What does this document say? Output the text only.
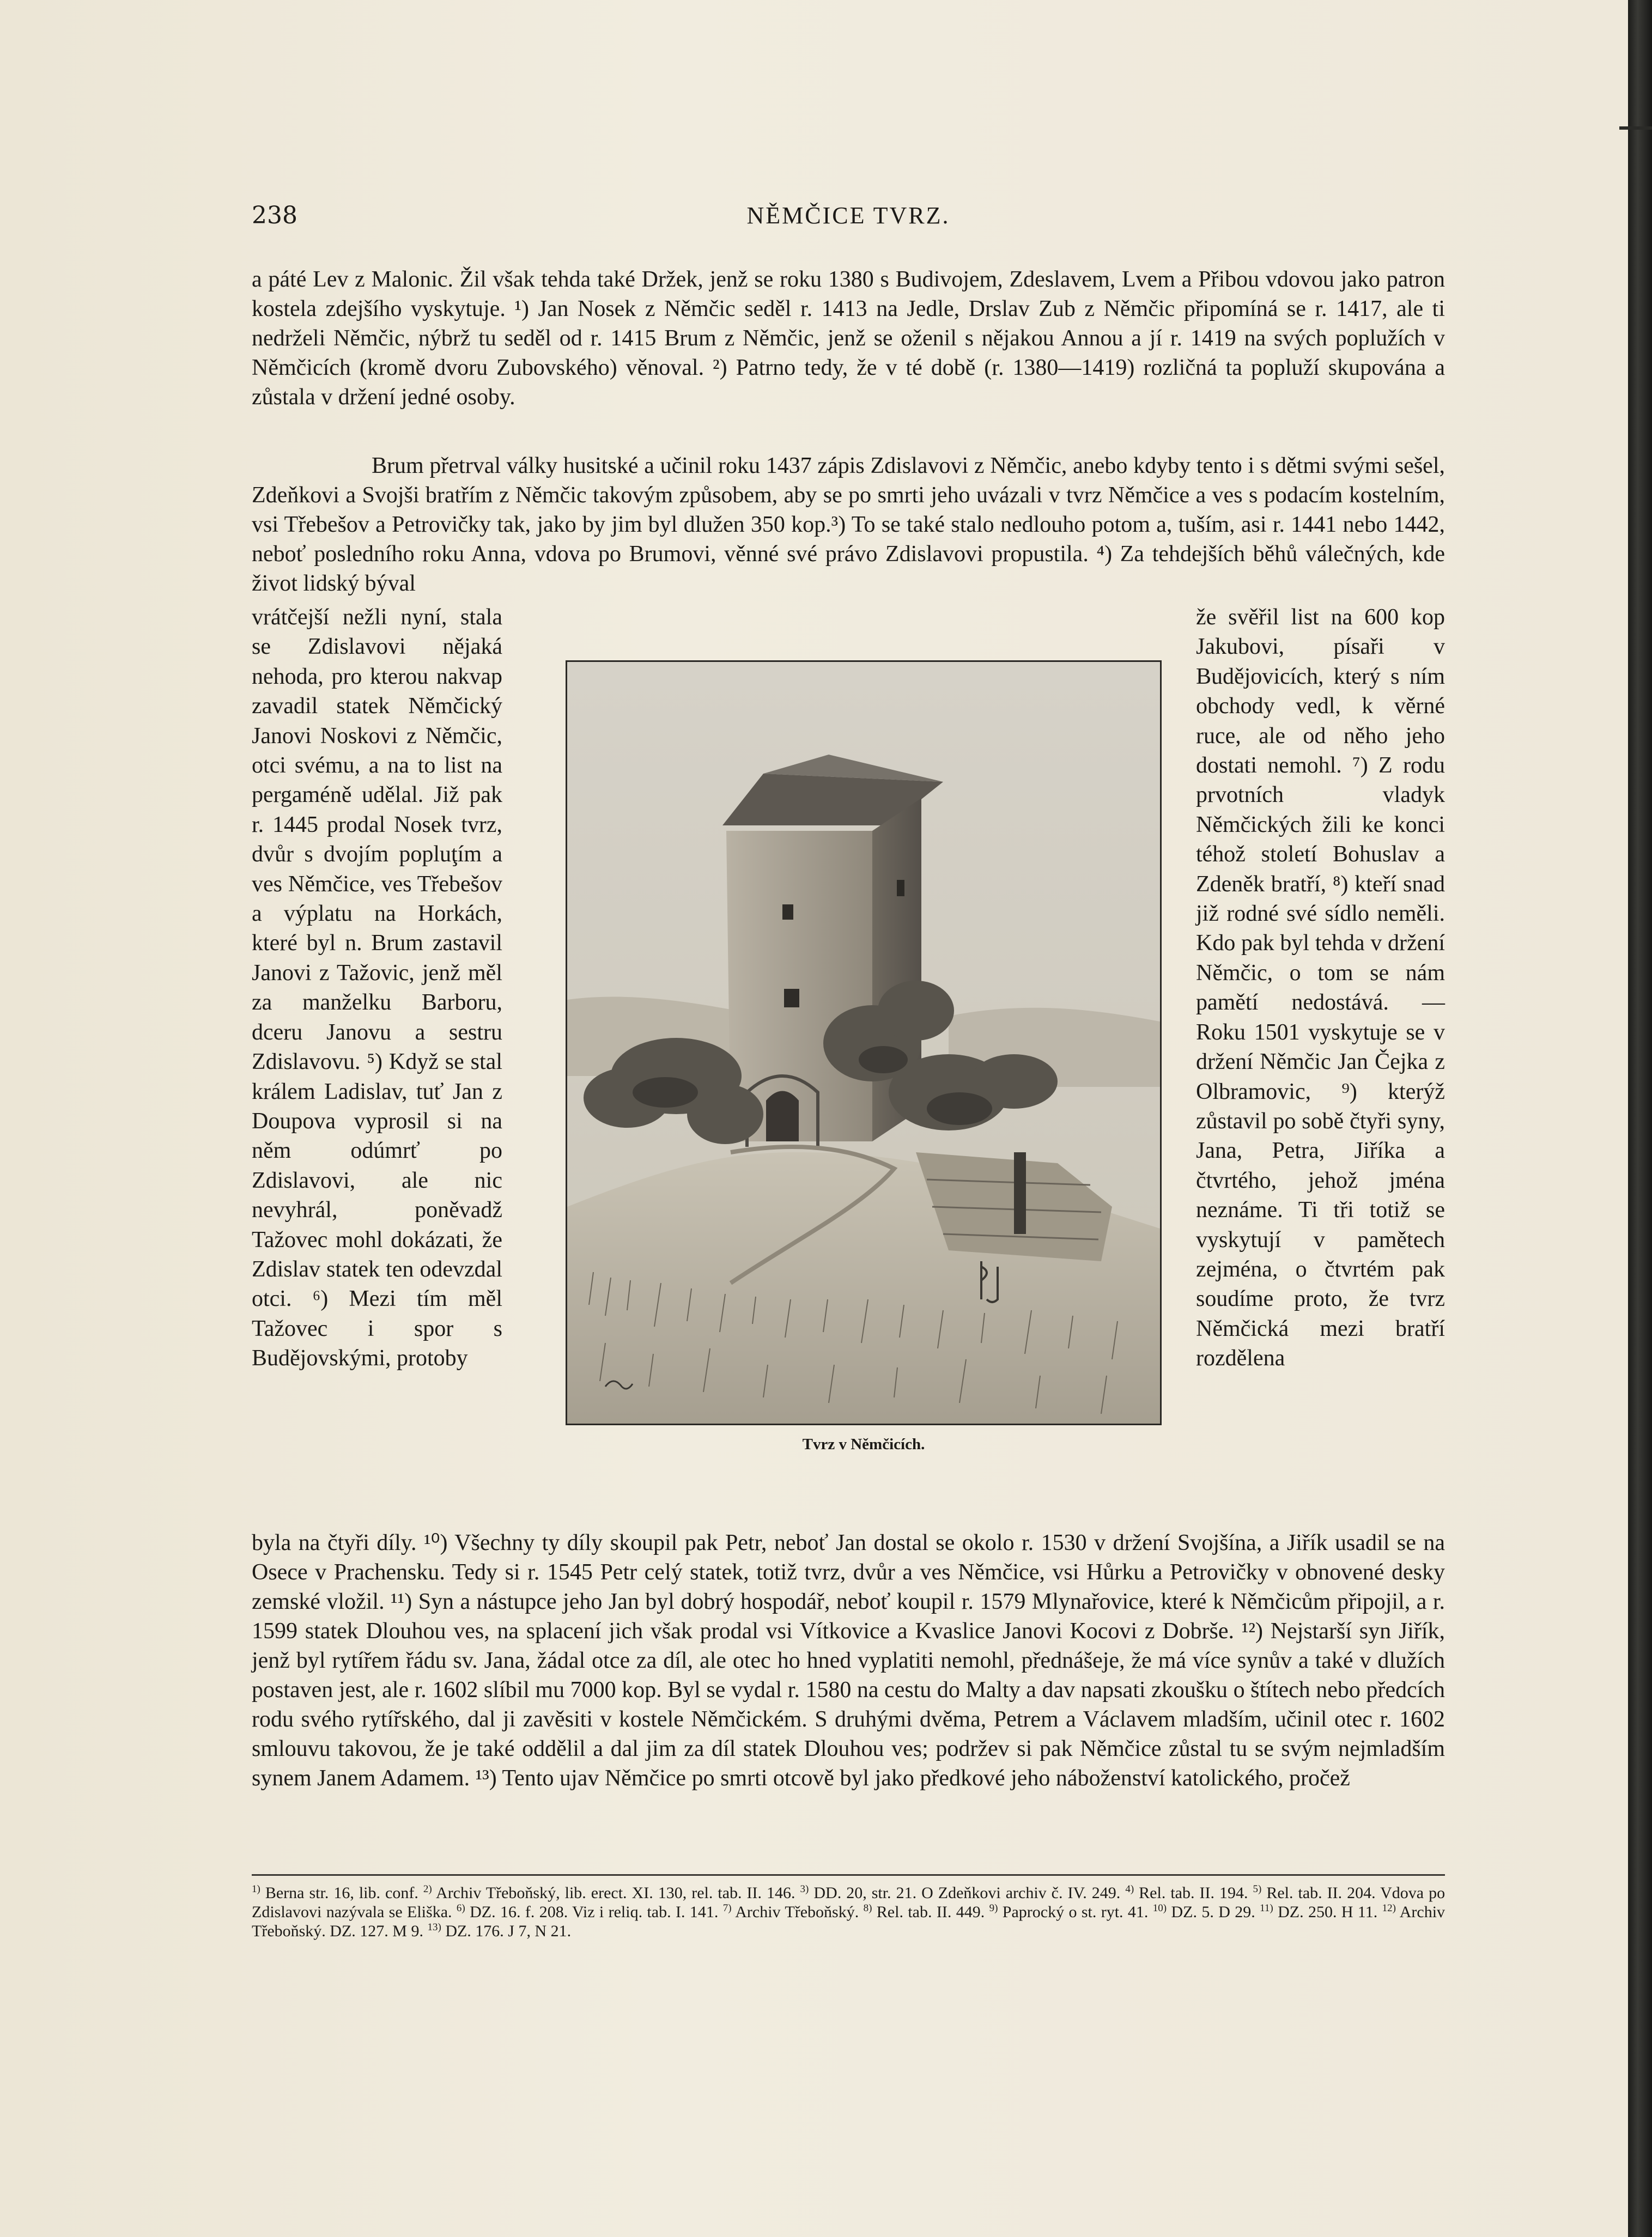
238	NĚMČICE TVRZ.

a páté Lev z Malonic. Žil však tehda také Držek, jenž se roku 1380 s Budivojem, Zdeslavem, Lvem a Přibou vdovou jako patron kostela zdejšího vyskytuje. ¹) Jan Nosek z Němčic seděl r. 1413 na Jedle, Drslav Zub z Němčic připomíná se r. 1417, ale ti nedrželi Němčic, nýbrž tu seděl od r. 1415 Brum z Němčic, jenž se oženil s nějakou Annou a jí r. 1419 na svých poplužích v Němčicích (kromě dvoru Zubovského) věnoval. ²) Patrno tedy, že v té době (r. 1380—1419) rozličná ta popluží skupována a zůstala v držení jedné osoby.

Brum přetrval války husitské a učinil roku 1437 zápis Zdislavovi z Němčic, anebo kdyby tento i s dětmi svými sešel, Zdeňkovi a Svojši bratřím z Němčic takovým způsobem, aby se po smrti jeho uvázali v tvrz Němčice a ves s podacím kostelním, vsi Třebešov a Petrovičky tak, jako by jim byl dlužen 350 kop.³) To se také stalo nedlouho potom a, tuším, asi r. 1441 nebo 1442, neboť posledního roku Anna, vdova po Brumovi, věnné své právo Zdislavovi propustila. ⁴) Za tehdejších běhů válečných, kde život lidský býval

vrátčejší nežli nyní, stala se Zdislavovi nějaká nehoda, pro kterou nakvap zavadil statek Němčický Janovi Noskovi z Němčic, otci svému, a na to list na pergaméně udělal. Již pak r. 1445 prodal Nosek tvrz, dvůr s dvojím popluţím a ves Němčice, ves Třebešov a výplatu na Horkách, které byl n. Brum zastavil Janovi z Tažovic, jenž měl za manželku Barboru, dceru Janovu a sestru Zdislavovu. ⁵) Když se stal králem Ladislav, tuť Jan z Doupova vyprosil si na něm odúmrť po Zdislavovi, ale nic nevyhrál, poněvadž Tažovec mohl dokázati, že Zdislav statek ten odevzdal otci. ⁶) Mezi tím měl Tažovec i spor s Budějovskými, protoby

že svěřil list na 600 kop Jakubovi, písaři v Budějovicích, který s ním obchody vedl, k věrné ruce, ale od něho jeho dostati nemohl. ⁷) Z rodu prvotních vladyk Němčických žili ke konci téhož století Bohuslav a Zdeněk bratří, ⁸) kteří snad již rodné své sídlo neměli. Kdo pak byl tehda v držení Němčic, o tom se nám pamětí nedostává. — Roku 1501 vyskytuje se v držení Němčic Jan Čejka z Olbramovic, ⁹) kterýž zůstavil po sobě čtyři syny, Jana, Petra, Jiříka a čtvrtého, jehož jména neznáme. Ti tři totiž se vyskytují v pamětech zejména, o čtvrtém pak soudíme proto, že tvrz Němčická mezi bratří rozdělena

Tvrz v Němčicích.

byla na čtyři díly. ¹⁰) Všechny ty díly skoupil pak Petr, neboť Jan dostal se okolo r. 1530 v držení Svojšína, a Jiřík usadil se na Osece v Prachensku. Tedy si r. 1545 Petr celý statek, totiž tvrz, dvůr a ves Němčice, vsi Hůrku a Petrovičky v obnovené desky zemské vložil. ¹¹) Syn a nástupce jeho Jan byl dobrý hospodář, neboť koupil r. 1579 Mlynařovice, které k Němčicům připojil, a r. 1599 statek Dlouhou ves, na splacení jich však prodal vsi Vítkovice a Kvaslice Janovi Kocovi z Dobrše. ¹²) Nejstarší syn Jiřík, jenž byl rytířem řádu sv. Jana, žádal otce za díl, ale otec ho hned vyplatiti nemohl, přednášeje, že má více synův a také v dlužích postaven jest, ale r. 1602 slíbil mu 7000 kop. Byl se vydal r. 1580 na cestu do Malty a dav napsati zkoušku o štítech nebo předcích rodu svého rytířského, dal ji zavěsiti v kostele Němčickém. S druhými dvěma, Petrem a Václavem mladším, učinil otec r. 1602 smlouvu takovou, že je také oddělil a dal jim za díl statek Dlouhou ves; podržev si pak Němčice zůstal tu se svým nejmladším synem Janem Adamem. ¹³) Tento ujav Němčice po smrti otcově byl jako předkové jeho náboženství katolického, pročež

$^{1)}$ Berna str. 16, lib. conf. $^{2)}$ Archiv Třeboňský, lib. erect. XI. 130, rel. tab. II. 146. $^{3)}$ DD. 20, str. 21. O Zdeňkovi archiv č. IV. 249. $^{4)}$ Rel. tab. II. 194. $^{5)}$ Rel. tab. II. 204. Vdova po Zdislavovi nazývala se Eliška. $^{6)}$ DZ. 16. f. 208. Viz i reliq. tab. I. 141. $^{7)}$ Archiv Třeboňský. $^{8)}$ Rel. tab. II. 449. $^{9)}$ Paprocký o st. ryt. 41. $^{10)}$ DZ. 5. D 29. $^{11)}$ DZ. 250. H 11. $^{12)}$ Archiv Třeboňský. DZ. 127. M 9. $^{13)}$ DZ. 176. J 7, N 21.
